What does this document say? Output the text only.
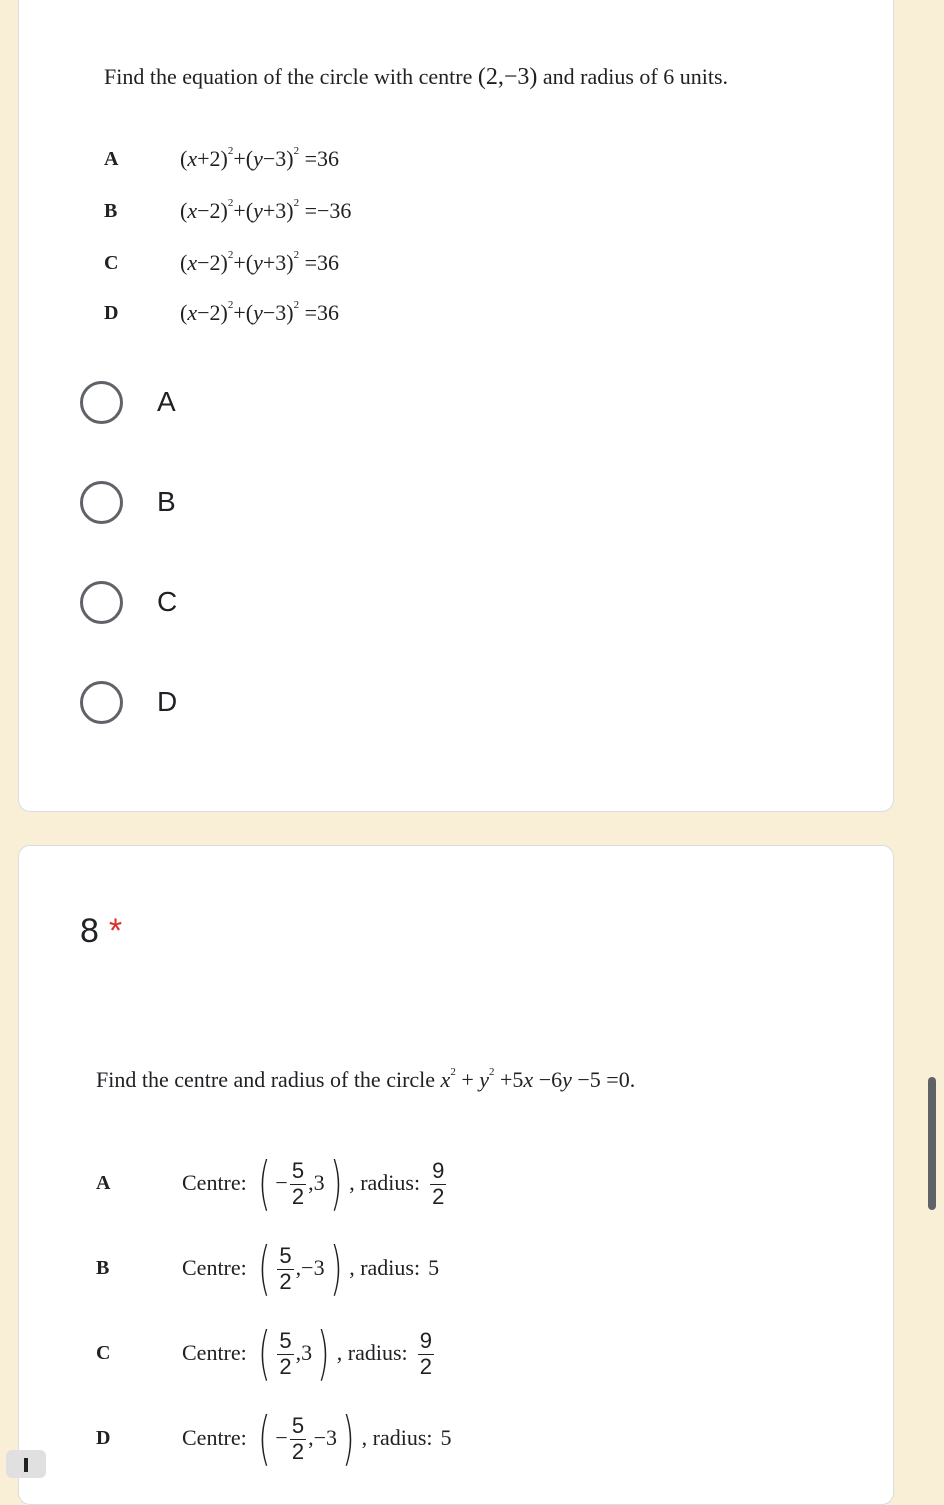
Find the equation of the circle with centre (2,−3) and radius of 6 units.
A	$(x+2)^2+(y-3)^2 =36$
B	$(x-2)^2+(y+3)^2 =-36$
C	$(x-2)^2+(y+3)^2 =36$
D	$(x-2)^2+(y-3)^2 =36$
A
B
C
D
8 *
Find the centre and radius of the circle $x^2 + y^2 +5x -6y -5 =0$.
A	Centre: ( − $\frac{5}{2} ,3$ ) , radius: $\frac{9}{2}$
B	Centre: ( $\frac{5}{2} ,-3$ ) , radius: 5
C	Centre: ( $\frac{5}{2} ,3$ ) , radius: $\frac{9}{2}$
D	Centre: ( − $\frac{5}{2} ,-3$ ) , radius: 5
